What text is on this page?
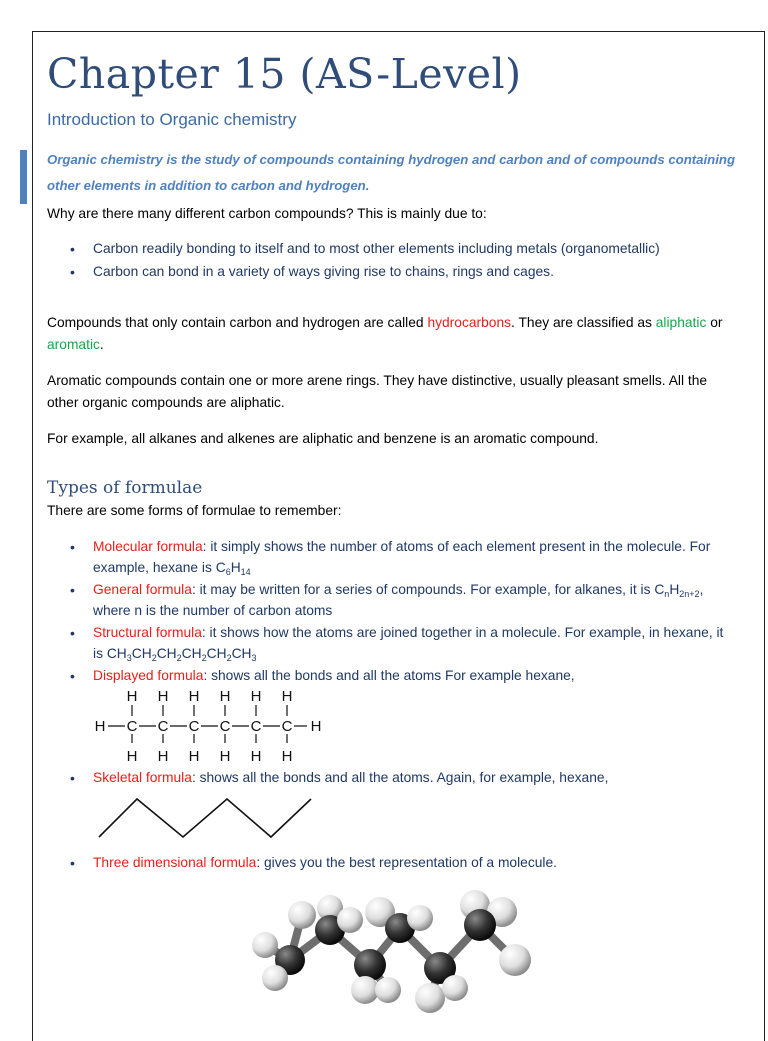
Chapter 15 (AS-Level)
Introduction to Organic chemistry
Organic chemistry is the study of compounds containing hydrogen and carbon and of compounds containing other elements in addition to carbon and hydrogen.
Why are there many different carbon compounds? This is mainly due to:
• Carbon readily bonding to itself and to most other elements including metals (organometallic)
• Carbon can bond in a variety of ways giving rise to chains, rings and cages.
Compounds that only contain carbon and hydrogen are called hydrocarbons. They are classified as aliphatic or aromatic.
Aromatic compounds contain one or more arene rings. They have distinctive, usually pleasant smells. All the other organic compounds are aliphatic.
For example, all alkanes and alkenes are aliphatic and benzene is an aromatic compound.
Types of formulae
There are some forms of formulae to remember:
• Molecular formula: it simply shows the number of atoms of each element present in the molecule. For example, hexane is $C_6H_{14}$
• General formula: it may be written for a series of compounds. For example, for alkanes, it is $C_nH_{2n+2}$, where n is the number of carbon atoms
• Structural formula: it shows how the atoms are joined together in a molecule. For example, in hexane, it is $CH_3CH_2CH_2CH_2CH_2CH_3$
• Displayed formula: shows all the bonds and all the atoms For example hexane,
H
H
C
H
H
C
H
H
C
H
H
C
H
H
C
H
H
C
H
H
• Skeletal formula: shows all the bonds and all the atoms. Again, for example, hexane,
• Three dimensional formula: gives you the best representation of a molecule.
